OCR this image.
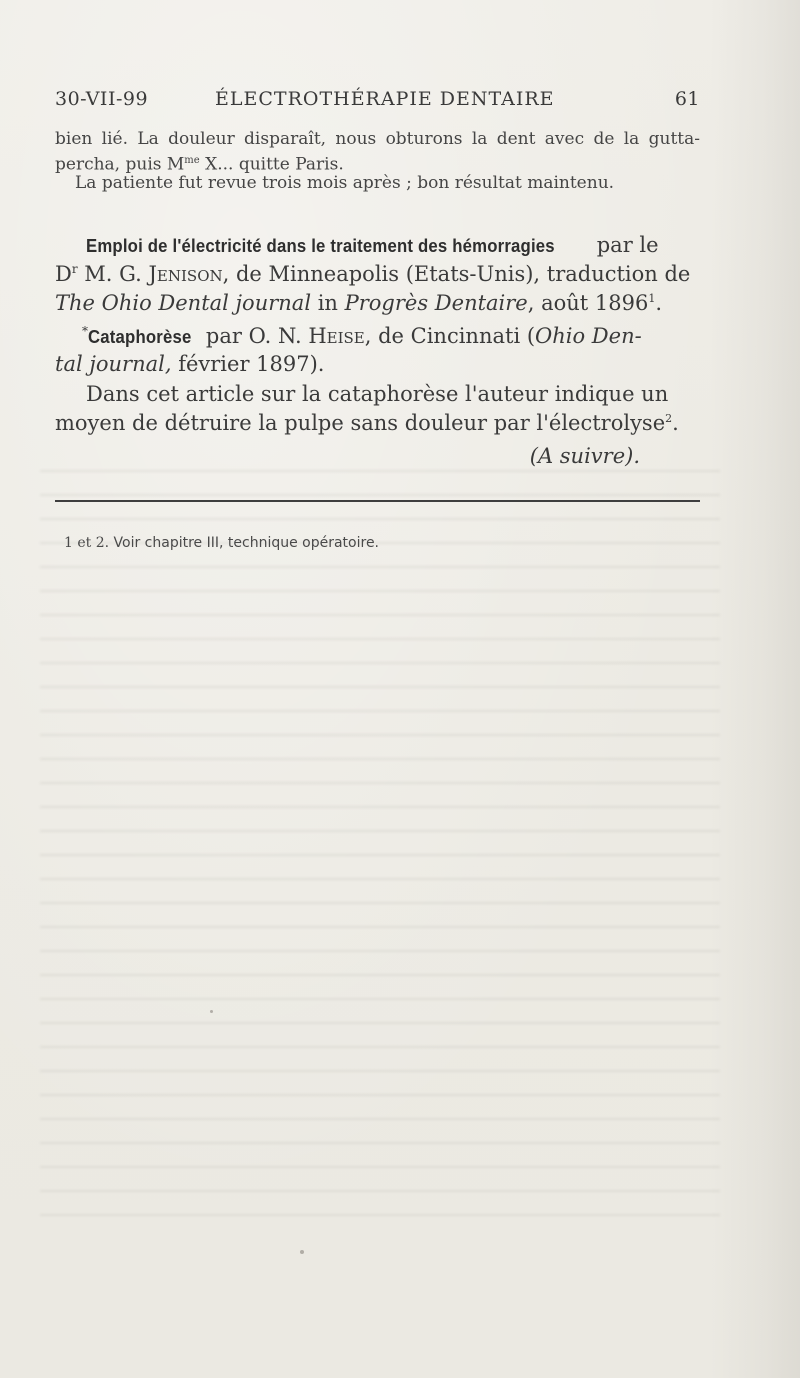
30-VII-99	ÉLECTROTHÉRAPIE DENTAIRE	61
bien lié. La douleur disparaît, nous obturons la dent avec de la gutta-
percha, puis $M^{me}$ X... quitte Paris.
La patiente fut revue trois mois après ; bon résultat maintenu.
Emploi de l'électricité dans le traitement des hémorragies par le
$D^r$ M. G. Jenison, de Minneapolis (Etats-Unis), traduction de
The Ohio Dental journal in Progrès Dentaire, août 1896$^1$.
*Cataphorèse par O. N. Heise, de Cincinnati (Ohio Den-
tal journal, février 1897).
Dans cet article sur la cataphorèse l'auteur indique un
moyen de détruire la pulpe sans douleur par l'électrolyse$^2$.
(A suivre).
1 et 2. Voir chapitre III, technique opératoire.
